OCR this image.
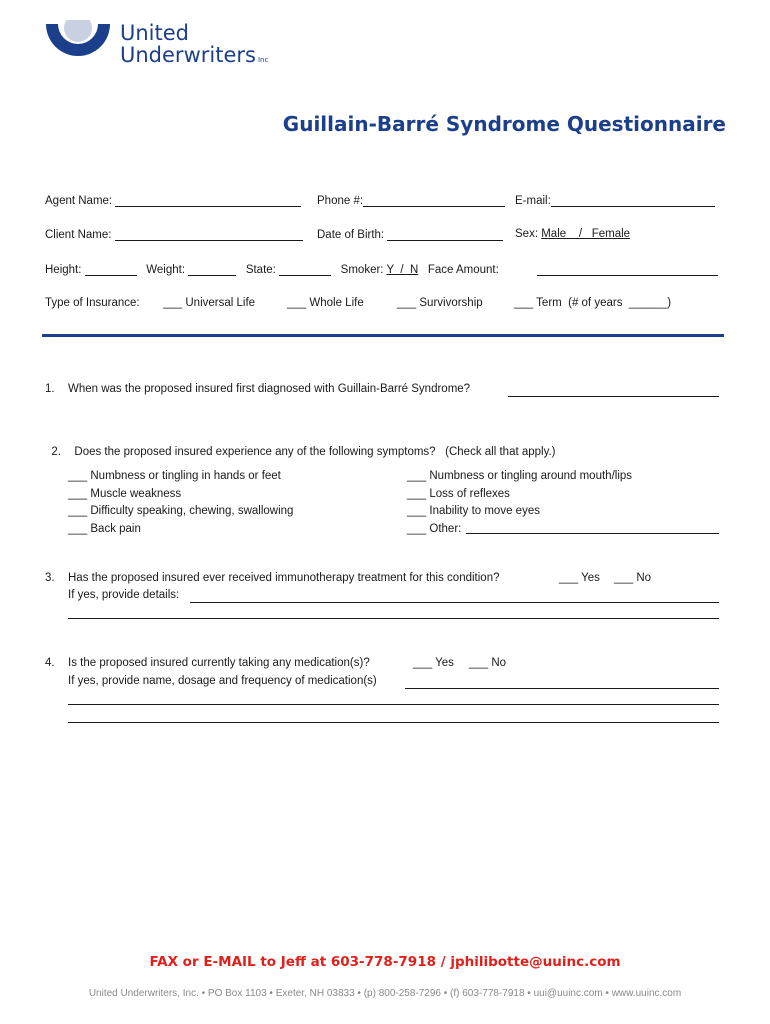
United
Underwriters Inc
Guillain-Barré Syndrome Questionnaire
Agent Name:	Phone #:	E-mail:
Client Name:	Date of Birth:	Sex: Male    /   Female
Height:	Weight:	State:	Smoker: Y  /  N Face Amount:
Type of Insurance: ___ Universal Life	___ Whole Life	___ Survivorship	___ Term  (# of years  ______)
1. When was the proposed insured first diagnosed with Guillain-Barré Syndrome?

2. Does the proposed insured experience any of the following symptoms?   (Check all that apply.)

___ Numbness or tingling in hands or feet
___ Muscle weakness
___ Difficulty speaking, chewing, swallowing
___ Back pain
___ Numbness or tingling around mouth/lips
___ Loss of reflexes
___ Inability to move eyes
___ Other:
3. Has the proposed insured ever received immunotherapy treatment for this condition?	___ Yes ___ No
If yes, provide details:
4. Is the proposed insured currently taking any medication(s)?	___ Yes ___ No
If yes, provide name, dosage and frequency of medication(s)
FAX or E-MAIL to Jeff at 603-778-7918 / jphilibotte@uuinc.com
United Underwriters, Inc. • PO Box 1103 • Exeter, NH 03833 • (p) 800-258-7296 • (f) 603-778-7918 • uui@uuinc.com • www.uuinc.com
